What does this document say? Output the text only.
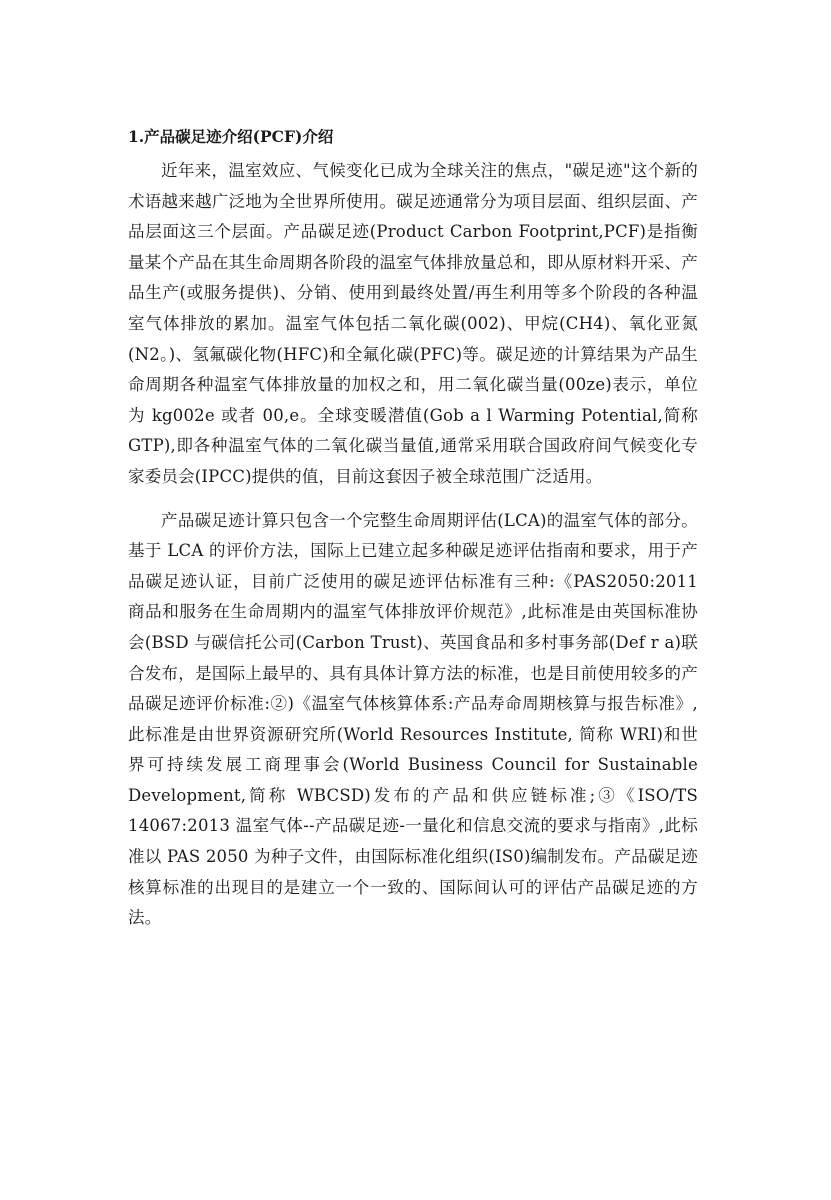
1.产品碳足迹介绍(PCF)介绍

近年来，温室效应、气候变化已成为全球关注的焦点，"碳足迹"这个新的术语越来越广泛地为全世界所使用。碳足迹通常分为项目层面、组织层面、产品层面这三个层面。产品碳足迹(Product Carbon Footprint,PCF)是指衡量某个产品在其生命周期各阶段的温室气体排放量总和，即从原材料开采、产品生产(或服务提供)、分销、使用到最终处置/再生利用等多个阶段的各种温室气体排放的累加。温室气体包括二氧化碳(002)、甲烷(CH4)、氧化亚氮(N2。)、氢氟碳化物(HFC)和全氟化碳(PFC)等。碳足迹的计算结果为产品生命周期各种温室气体排放量的加权之和，用二氧化碳当量(00ze)表示，单位为 kg002e 或者 00,e。全球变暖潜值(Gob a l Warming Potential,简称 GTP),即各种温室气体的二氧化碳当量值,通常采用联合国政府间气候变化专家委员会(IPCC)提供的值，目前这套因子被全球范围广泛适用。

产品碳足迹计算只包含一个完整生命周期评估(LCA)的温室气体的部分。基于 LCA 的评价方法，国际上已建立起多种碳足迹评估指南和要求，用于产品碳足迹认证，目前广泛使用的碳足迹评估标准有三种:《PAS2050:2011 商品和服务在生命周期内的温室气体排放评价规范》,此标准是由英国标准协会(BSD 与碳信托公司(Carbon Trust)、英国食品和多村事务部(Def r a)联合发布，是国际上最早的、具有具体计算方法的标准，也是目前使用较多的产品碳足迹评价标准:②)《温室气体核算体系:产品寿命周期核算与报告标准》,此标准是由世界资源研究所(World Resources Institute, 简称 WRI)和世界可持续发展工商理事会(World Business Council for Sustainable Development,简称 WBCSD)发布的产品和供应链标准;③《ISO/TS 14067:2013 温室气体--产品碳足迹-一量化和信息交流的要求与指南》,此标准以 PAS 2050 为种子文件，由国际标准化组织(IS0)编制发布。产品碳足迹核算标准的出现目的是建立一个一致的、国际间认可的评估产品碳足迹的方法。
